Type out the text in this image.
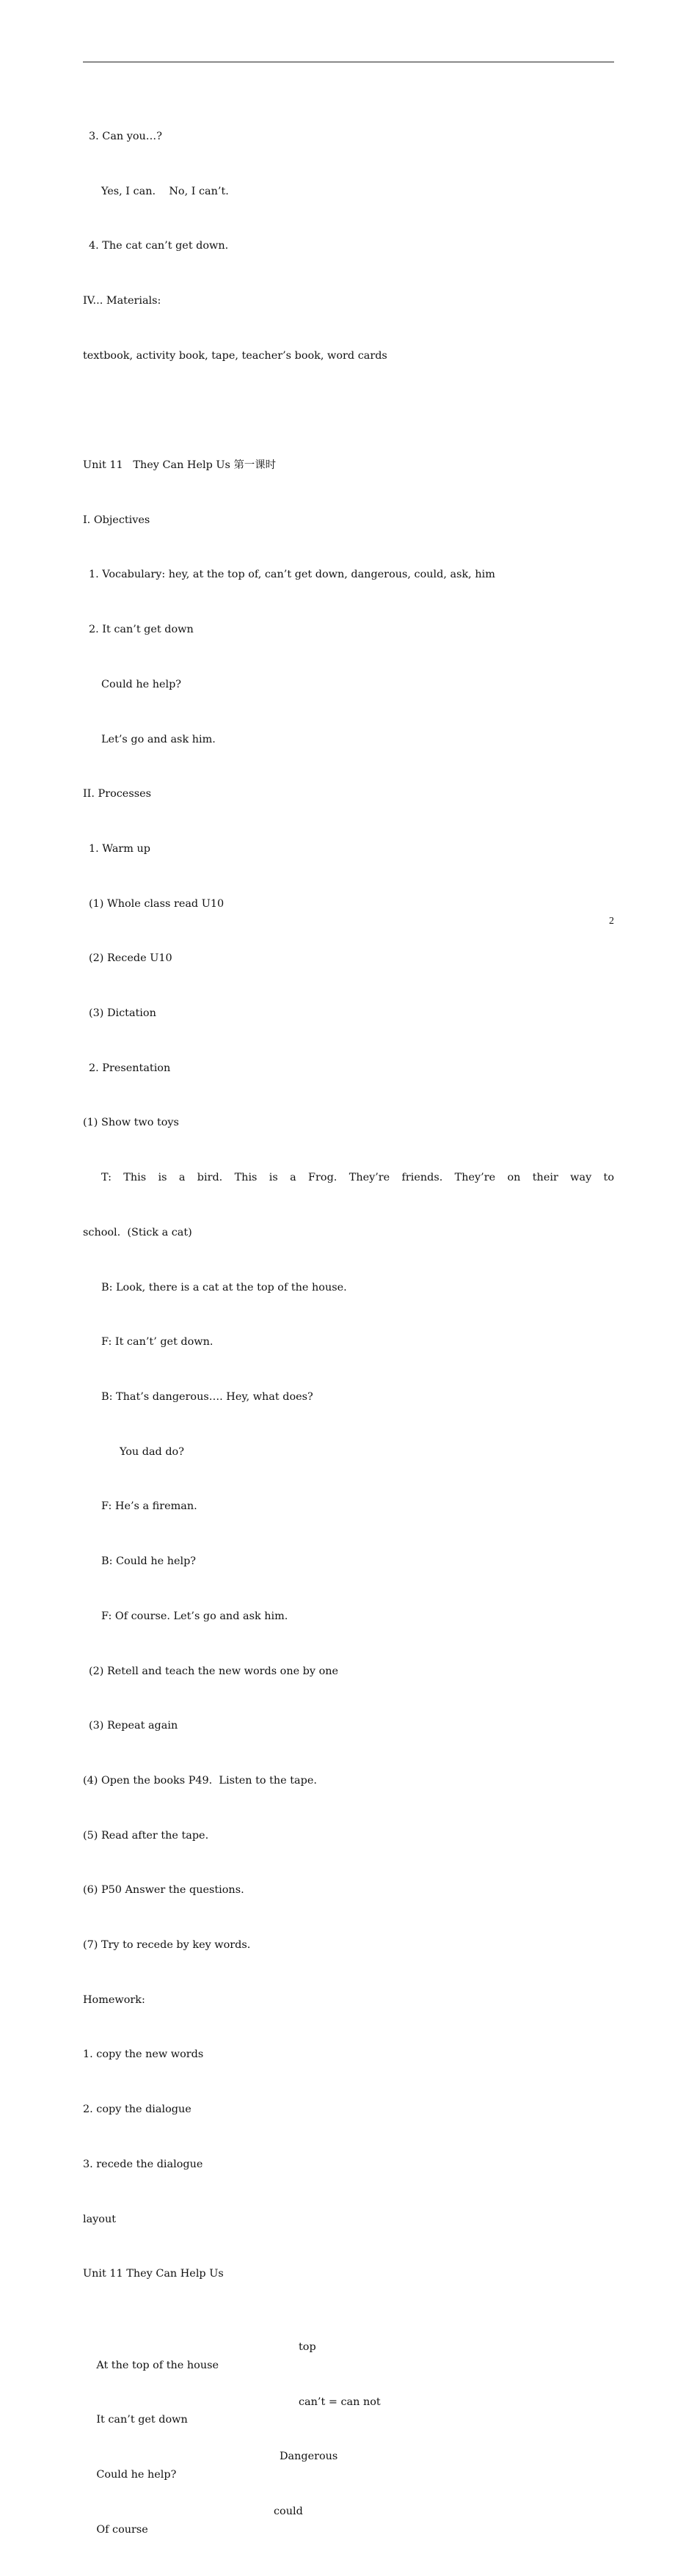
3. Can you…?

Yes, I can.    No, I can’t.

4. The cat can’t get down.

IV... Materials:

textbook, activity book, tape, teacher’s book, word cards

Unit 11   They Can Help Us 第一课时

I. Objectives

1. Vocabulary: hey, at the top of, can’t get down, dangerous, could, ask, him

2. It can’t get down

Could he help?

Let’s go and ask him.

II. Processes

1. Warm up

(1) Whole class read U10

(2) Recede U10

(3) Dictation

2. Presentation

(1) Show two toys

T: This is a bird. This is a Frog. They’re friends. They’re on their way to

school.  (Stick a cat)

B: Look, there is a cat at the top of the house.

F: It can’t’ get down.

B: That’s dangerous…. Hey, what does?

You dad do?

F: He’s a fireman.

B: Could he help?

F: Of course. Let’s go and ask him.

(2) Retell and teach the new words one by one

(3) Repeat again

(4) Open the books P49.  Listen to the tape.

(5) Read after the tape.

(6) P50 Answer the questions.

(7) Try to recede by key words.

Homework:

1. copy the new words

2. copy the dialogue

3. recede the dialogue

layout

Unit 11 They Can Help Us

At the top of the house

top

It can’t get down

can’t = can not

Could he help?

Dangerous

Of course

could

2
